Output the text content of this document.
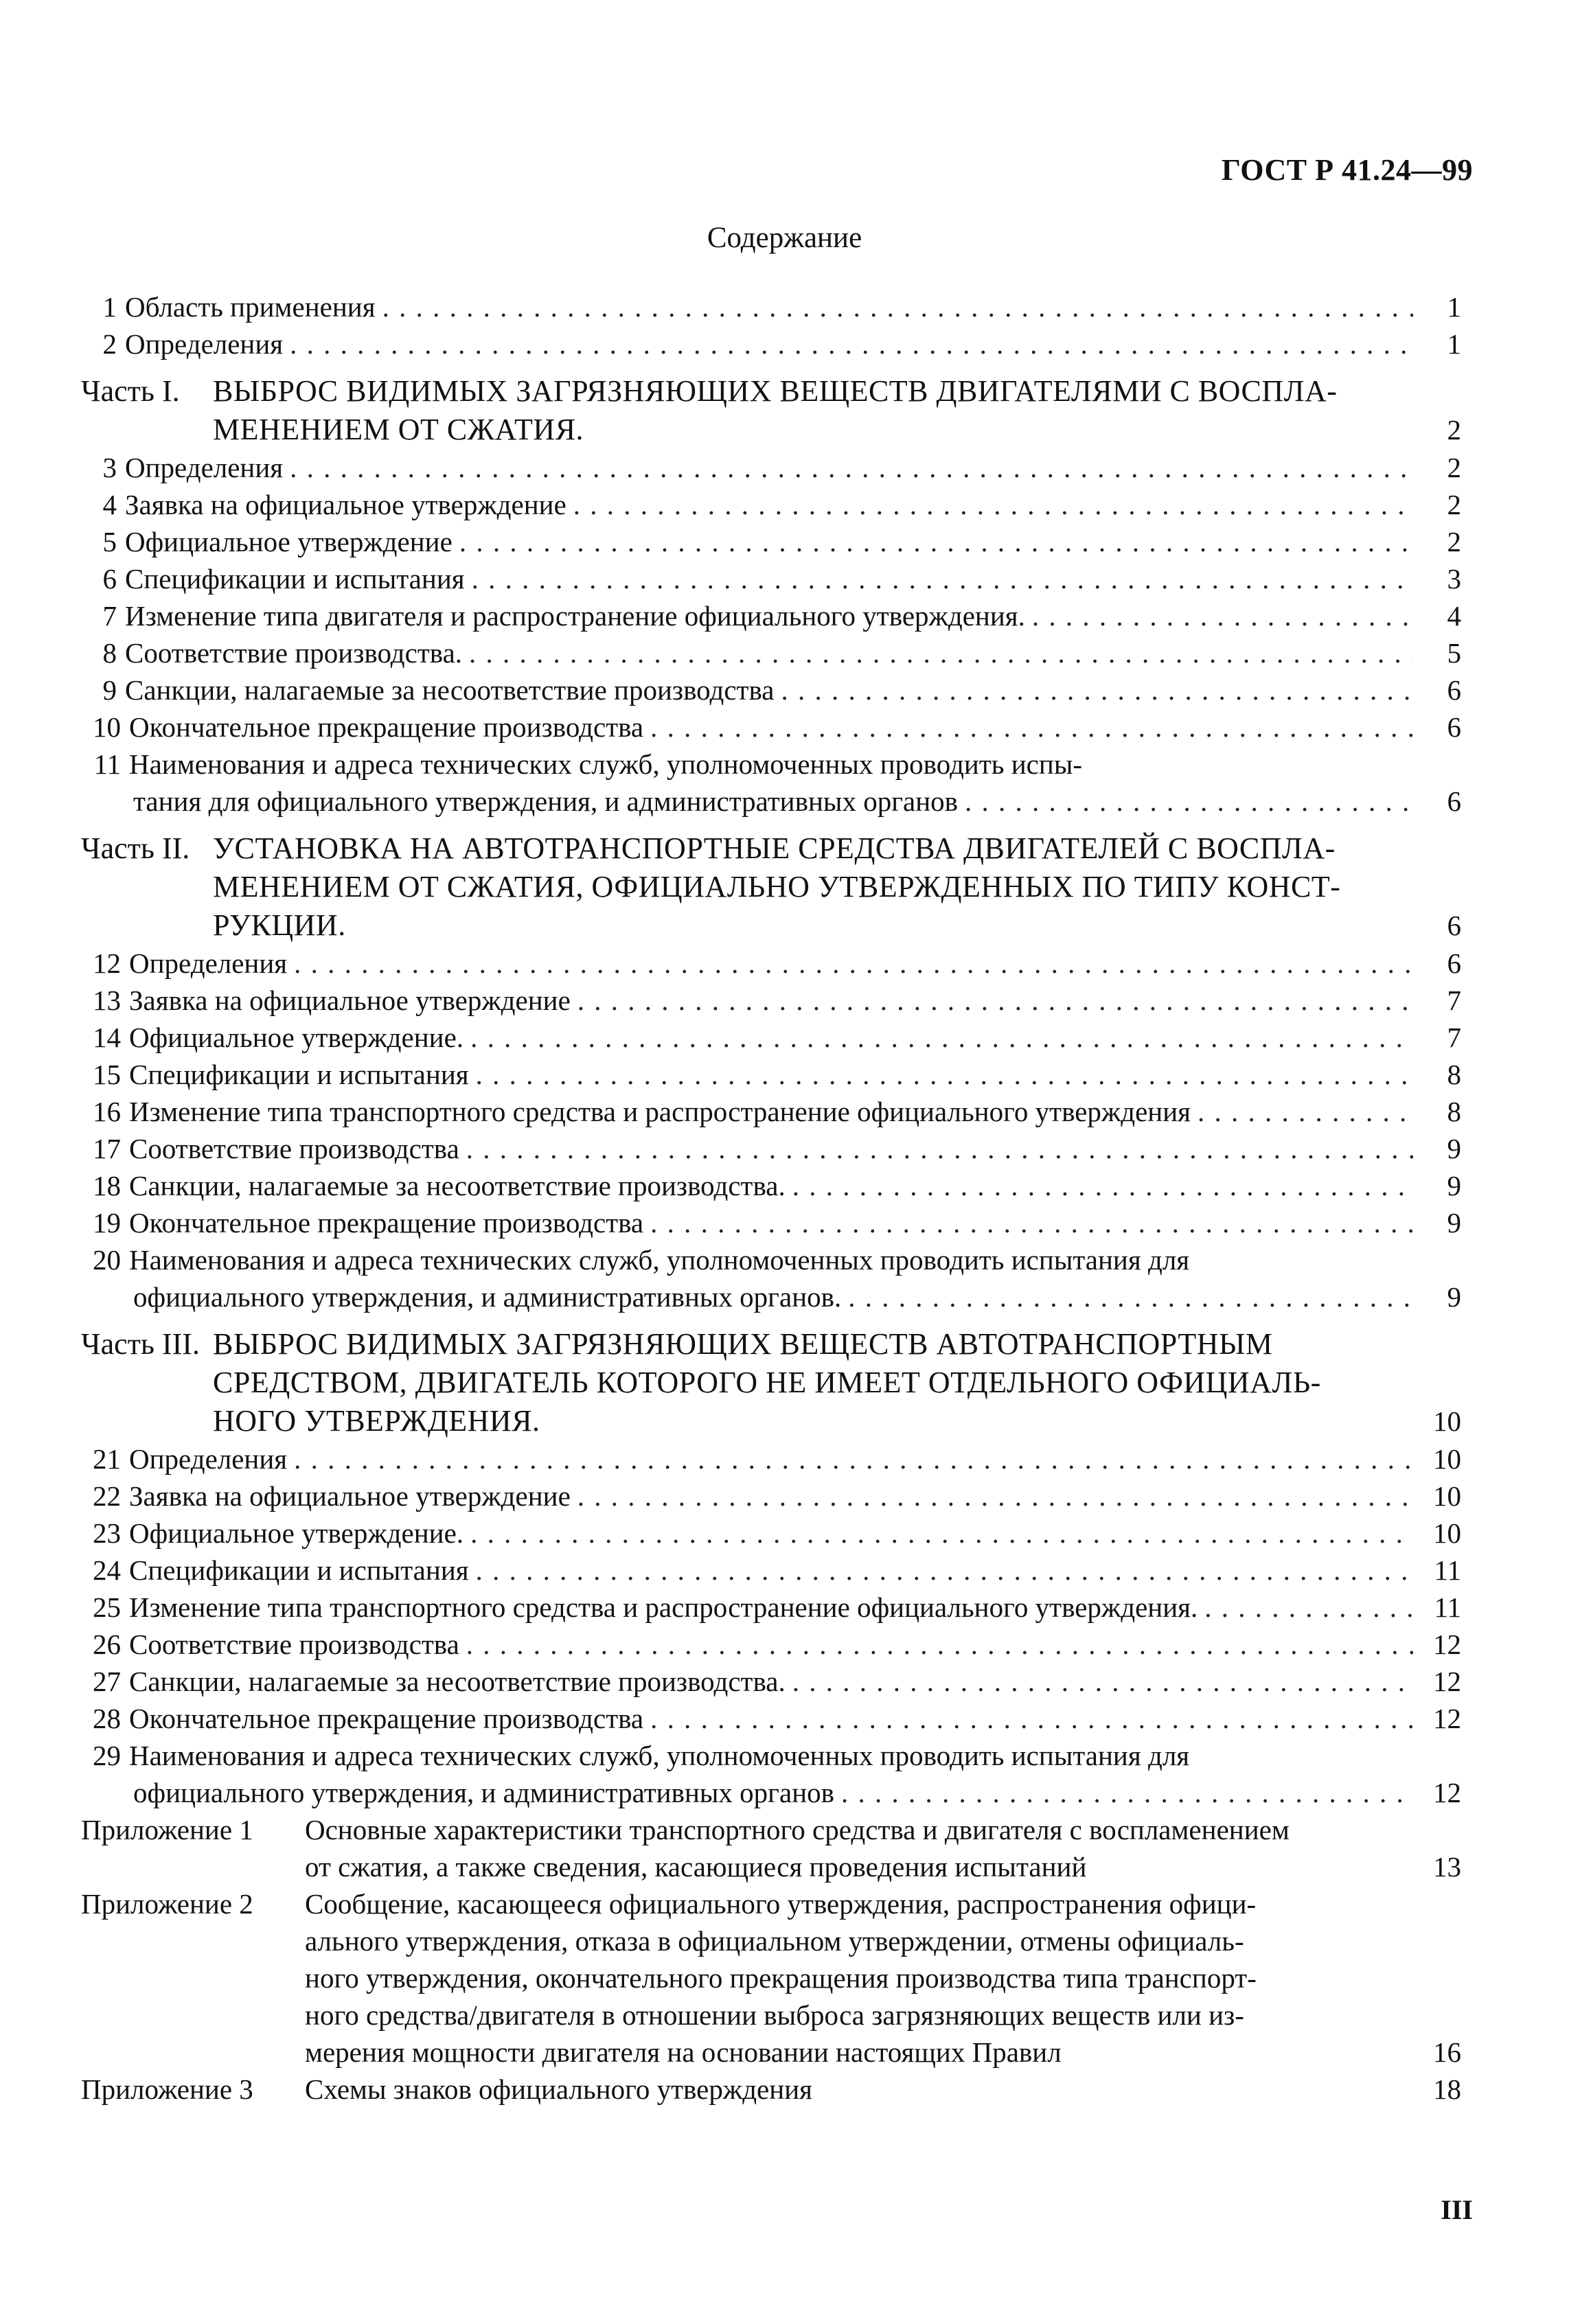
ГОСТ Р 41.24—99
Содержание
1 Область применения . . .	1
2 Определения . . .	1
Часть I.	ВЫБРОС ВИДИМЫХ ЗАГРЯЗНЯЮЩИХ ВЕЩЕСТВ ДВИГАТЕЛЯМИ С ВОСПЛА-
МЕНЕНИЕМ ОТ СЖАТИЯ.	2
3 Определения . . .	2
4 Заявка на официальное утверждение . . .	2
5 Официальное утверждение . . .	2
6 Спецификации и испытания . . .	3
7 Изменение типа двигателя и распространение официального утверждения. . . .	4
8 Соответствие производства. . . .	5
9 Санкции, налагаемые за несоответствие производства . . .	6
10 Окончательное прекращение производства . . .	6
11 Наименования и адреса технических служб, уполномоченных проводить испы-
тания для официального утверждения, и административных органов . . .	6
Часть II. УСТАНОВКА НА АВТОТРАНСПОРТНЫЕ СРЕДСТВА ДВИГАТЕЛЕЙ С ВОСПЛА-
МЕНЕНИЕМ ОТ СЖАТИЯ, ОФИЦИАЛЬНО УТВЕРЖДЕННЫХ ПО ТИПУ КОНСТ-
РУКЦИИ.	6
12 Определения . . .	6
13 Заявка на официальное утверждение . . .	7
14 Официальное утверждение. . . .	7
15 Спецификации и испытания . . .	8
16 Изменение типа транспортного средства и распространение официального утверждения . . .	8
17 Соответствие производства . . .	9
18 Санкции, налагаемые за несоответствие производства. . . .	9
19 Окончательное прекращение производства . . .	9
20 Наименования и адреса технических служб, уполномоченных проводить испытания для
официального утверждения, и административных органов. . . .	9
Часть III. ВЫБРОС ВИДИМЫХ ЗАГРЯЗНЯЮЩИХ ВЕЩЕСТВ АВТОТРАНСПОРТНЫМ
СРЕДСТВОМ, ДВИГАТЕЛЬ КОТОРОГО НЕ ИМЕЕТ ОТДЕЛЬНОГО ОФИЦИАЛЬ-
НОГО УТВЕРЖДЕНИЯ.	10
21 Определения . . .	10
22 Заявка на официальное утверждение . . .	10
23 Официальное утверждение. . . .	10
24 Спецификации и испытания . . .	11
25 Изменение типа транспортного средства и распространение официального утверждения. . . .	11
26 Соответствие производства . . .	12
27 Санкции, налагаемые за несоответствие производства. . . .	12
28 Окончательное прекращение производства . . .	12
29 Наименования и адреса технических служб, уполномоченных проводить испытания для
официального утверждения, и административных органов . . .	12
Приложение 1	Основные характеристики транспортного средства и двигателя с воспламенением
от сжатия, а также сведения, касающиеся проведения испытаний	13
Приложение 2	Сообщение, касающееся официального утверждения, распространения офици-
ального утверждения, отказа в официальном утверждении, отмены официаль-
ного утверждения, окончательного прекращения производства типа транспорт-
ного средства/двигателя в отношении выброса загрязняющих веществ или из-
мерения мощности двигателя на основании настоящих Правил	16
Приложение 3	Схемы знаков официального утверждения	18
III
